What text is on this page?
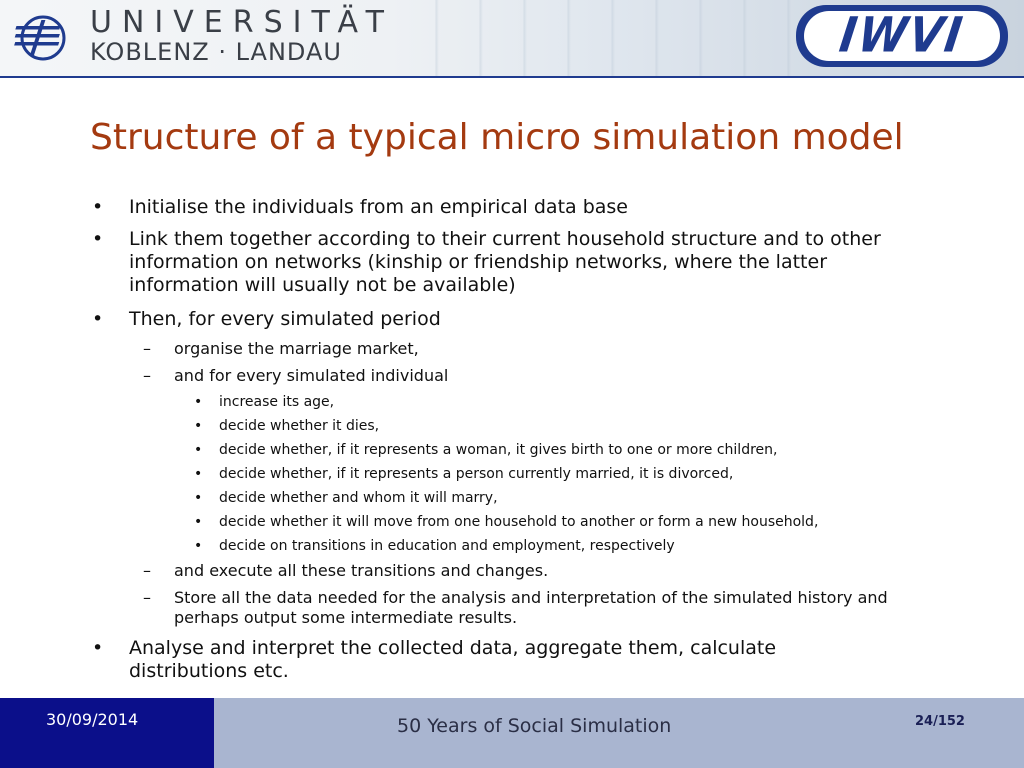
UNIVERSITÄT
KOBLENZ · LANDAU	IWVI
Structure of a typical micro simulation model
• Initialise the individuals from an empirical data base
• Link them together according to their current household structure and to other information on networks (kinship or friendship networks, where the latter information will usually not be available)
• Then, for every simulated period
– organise the marriage market,
– and for every simulated individual
• increase its age,
• decide whether it dies,
• decide whether, if it represents a woman, it gives birth to one or more children,
• decide whether, if it represents a person currently married, it is divorced,
• decide whether and whom it will marry,
• decide whether it will move from one household to another or form a new household,
• decide on transitions in education and employment, respectively
– and execute all these transitions and changes.
– Store all the data needed for the analysis and interpretation of the simulated history and perhaps output some intermediate results.
• Analyse and interpret the collected data, aggregate them, calculate distributions etc.
30/09/2014	50 Years of Social Simulation	24/152
